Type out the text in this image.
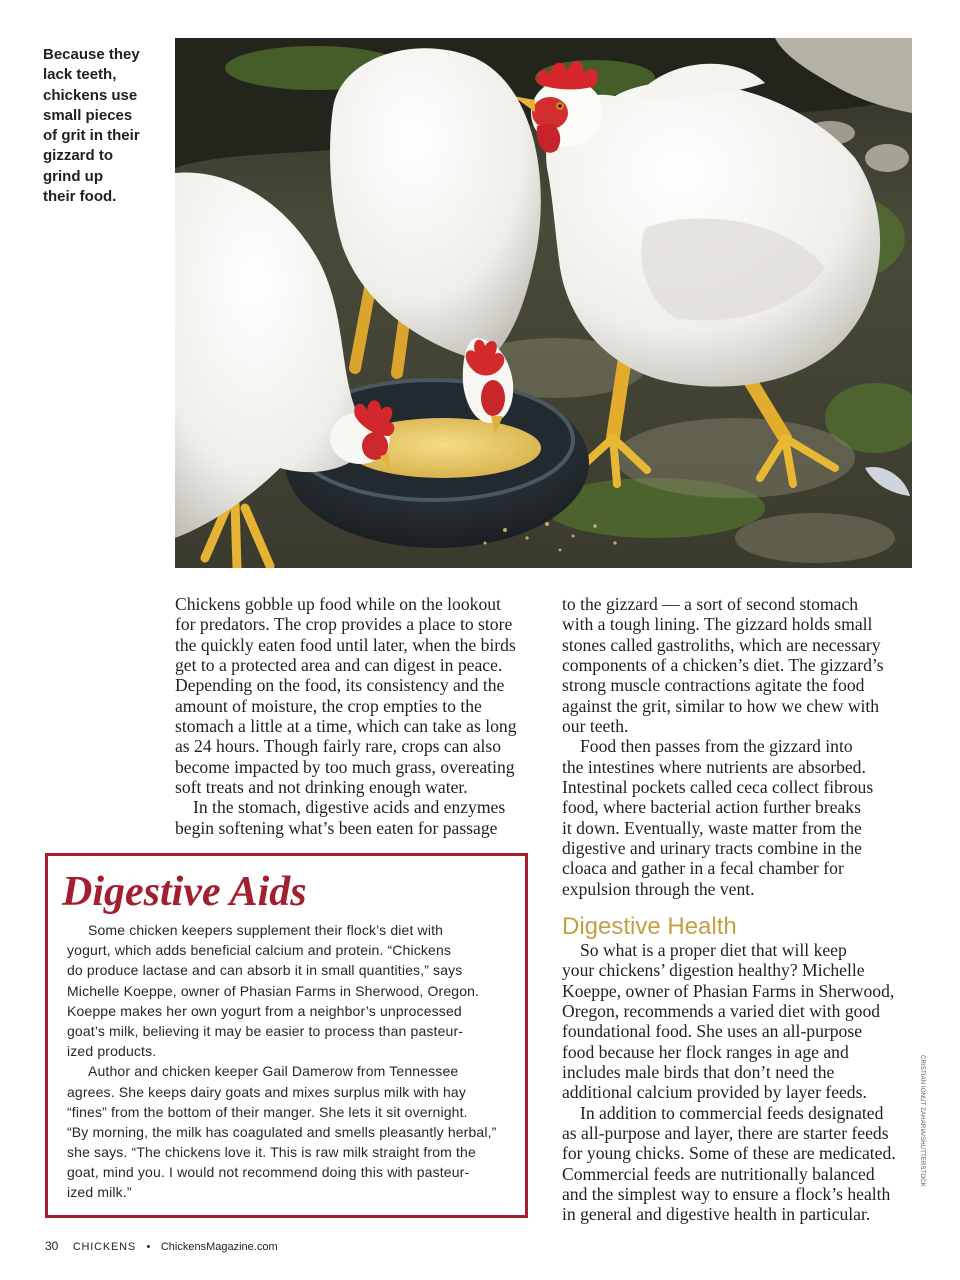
Because they
lack teeth,
chickens use
small pieces
of grit in their
gizzard to
grind up
their food.
Chickens gobble up food while on the lookout
for predators. The crop provides a place to store
the quickly eaten food until later, when the birds
get to a protected area and can digest in peace.
Depending on the food, its consistency and the
amount of moisture, the crop empties to the
stomach a little at a time, which can take as long
as 24 hours. Though fairly rare, crops can also
become impacted by too much grass, overeating
soft treats and not drinking enough water.
In the stomach, digestive acids and enzymes
begin softening what’s been eaten for passage
to the gizzard — a sort of second stomach
with a tough lining. The gizzard holds small
stones called gastroliths, which are necessary
components of a chicken’s diet. The gizzard’s
strong muscle contractions agitate the food
against the grit, similar to how we chew with
our teeth.
Food then passes from the gizzard into
the intestines where nutrients are absorbed.
Intestinal pockets called ceca collect fibrous
food, where bacterial action further breaks
it down. Eventually, waste matter from the
digestive and urinary tracts combine in the
cloaca and gather in a fecal chamber for
expulsion through the vent.
Digestive Health
So what is a proper diet that will keep
your chickens’ digestion healthy? Michelle
Koeppe, owner of Phasian Farms in Sherwood,
Oregon, recommends a varied diet with good
foundational food. She uses an all-purpose
food because her flock ranges in age and
includes male birds that don’t need the
additional calcium provided by layer feeds.
In addition to commercial feeds designated
as all-purpose and layer, there are starter feeds
for young chicks. Some of these are medicated.
Commercial feeds are nutritionally balanced
and the simplest way to ensure a flock’s health
in general and digestive health in particular.
Digestive Aids
Some chicken keepers supplement their flock’s diet with
yogurt, which adds beneficial calcium and protein. “Chickens
do produce lactase and can absorb it in small quantities,” says
Michelle Koeppe, owner of Phasian Farms in Sherwood, Oregon.
Koeppe makes her own yogurt from a neighbor’s unprocessed
goat’s milk, believing it may be easier to process than pasteur-
ized products.
Author and chicken keeper Gail Damerow from Tennessee
agrees. She keeps dairy goats and mixes surplus milk with hay
“fines” from the bottom of their manger. She lets it sit overnight.
“By morning, the milk has coagulated and smells pleasantly herbal,”
she says. “The chickens love it. This is raw milk straight from the
goat, mind you. I would not recommend doing this with pasteur-
ized milk.”
CRISTIAN IONUT ZAHARIA/SHUTTERSTOCK
30 CHICKENS • ChickensMagazine.com
